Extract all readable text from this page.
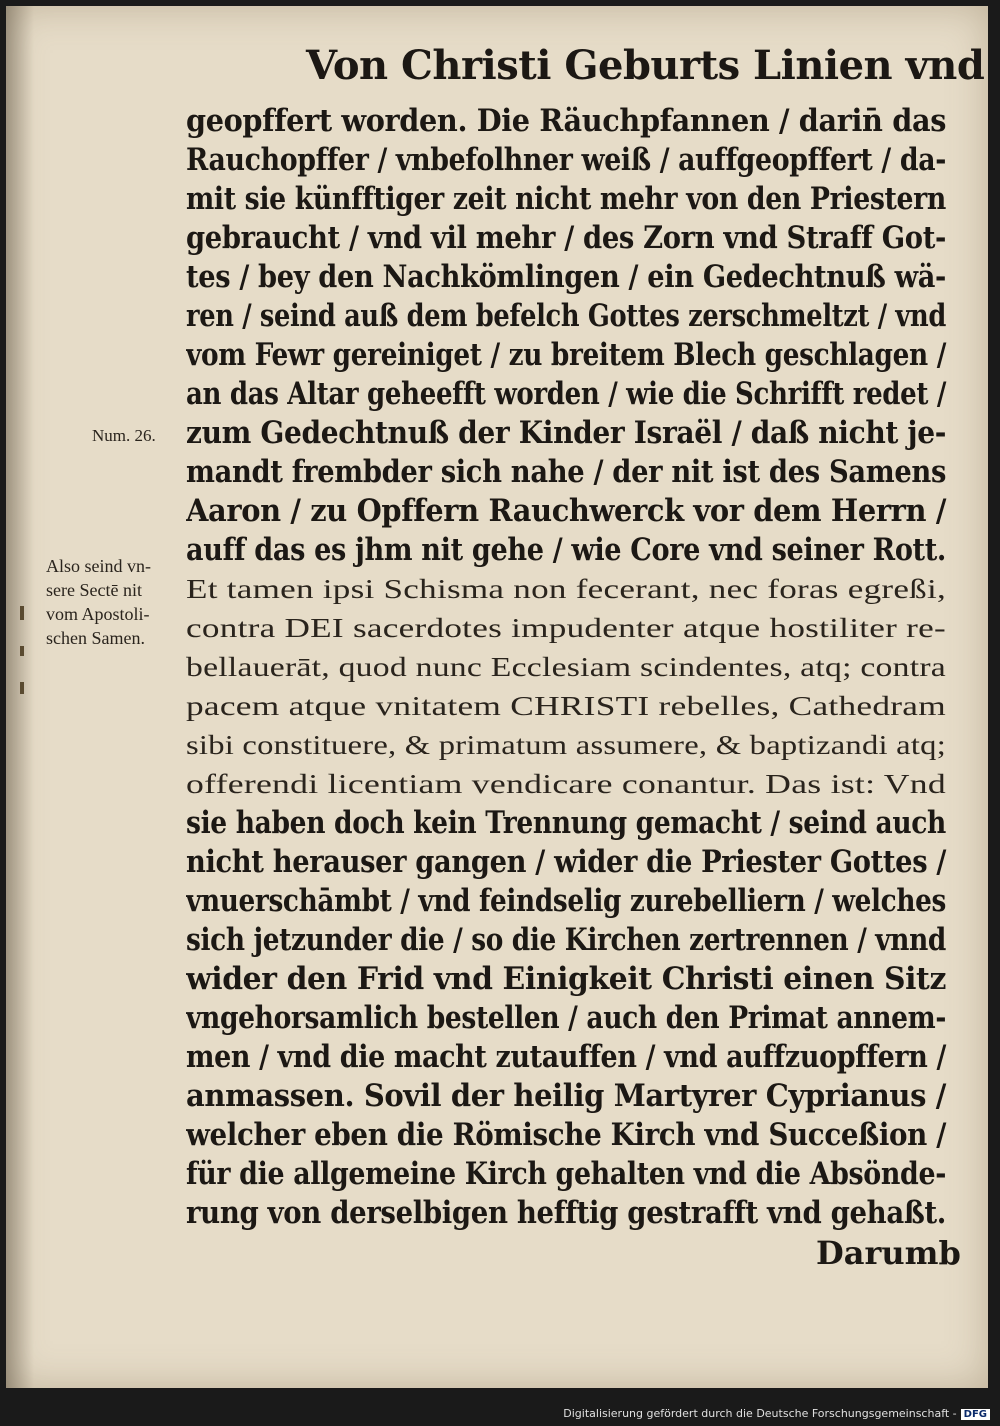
Von Christi Geburts Linien vnd
Num. 26.
Also seind vn-
sere Sectē nit
vom Apostoli-
schen Samen.
geopffert worden. Die Räuchpfannen / darin̄ das
Rauchopffer / vnbefolhner weiß / auffgeopffert / da-
mit sie künfftiger zeit nicht mehr von den Priestern
gebraucht / vnd vil mehr / des Zorn vnd Straff Got-
tes / bey den Nachkömlingen / ein Gedechtnuß wä-
ren / seind auß dem befelch Gottes zerschmeltzt / vnd
vom Fewr gereiniget / zu breitem Blech geschlagen /
an das Altar geheefft worden / wie die Schrifft redet /
zum Gedechtnuß der Kinder Israël / daß nicht je-
mandt frembder sich nahe / der nit ist des Samens
Aaron / zu Opffern Rauchwerck vor dem Herrn /
auff das es jhm nit gehe / wie Core vnd seiner Rott.
Et tamen ipsi Schisma non fecerant, nec foras egreßi,
contra DEI sacerdotes impudenter atque hostiliter re-
bellauerāt, quod nunc Ecclesiam scindentes, atq; contra
pacem atque vnitatem CHRISTI rebelles, Cathedram
sibi constituere, & primatum assumere, & baptizandi atq;
offerendi licentiam vendicare conantur. Das ist: Vnd
sie haben doch kein Trennung gemacht / seind auch
nicht herauser gangen / wider die Priester Gottes /
vnuerschāmbt / vnd feindselig zurebelliern / welches
sich jetzunder die / so die Kirchen zertrennen / vnnd
wider den Frid vnd Einigkeit Christi einen Sitz
vngehorsamlich bestellen / auch den Primat annem-
men / vnd die macht zutauffen / vnd auffzuopffern /
anmassen. Sovil der heilig Martyrer Cyprianus /
welcher eben die Römische Kirch vnd Succeßion /
für die allgemeine Kirch gehalten vnd die Absönde-
rung von derselbigen hefftig gestrafft vnd gehaßt.
Darumb
Digitalisierung gefördert durch die Deutsche Forschungsgemeinschaft - DFG
